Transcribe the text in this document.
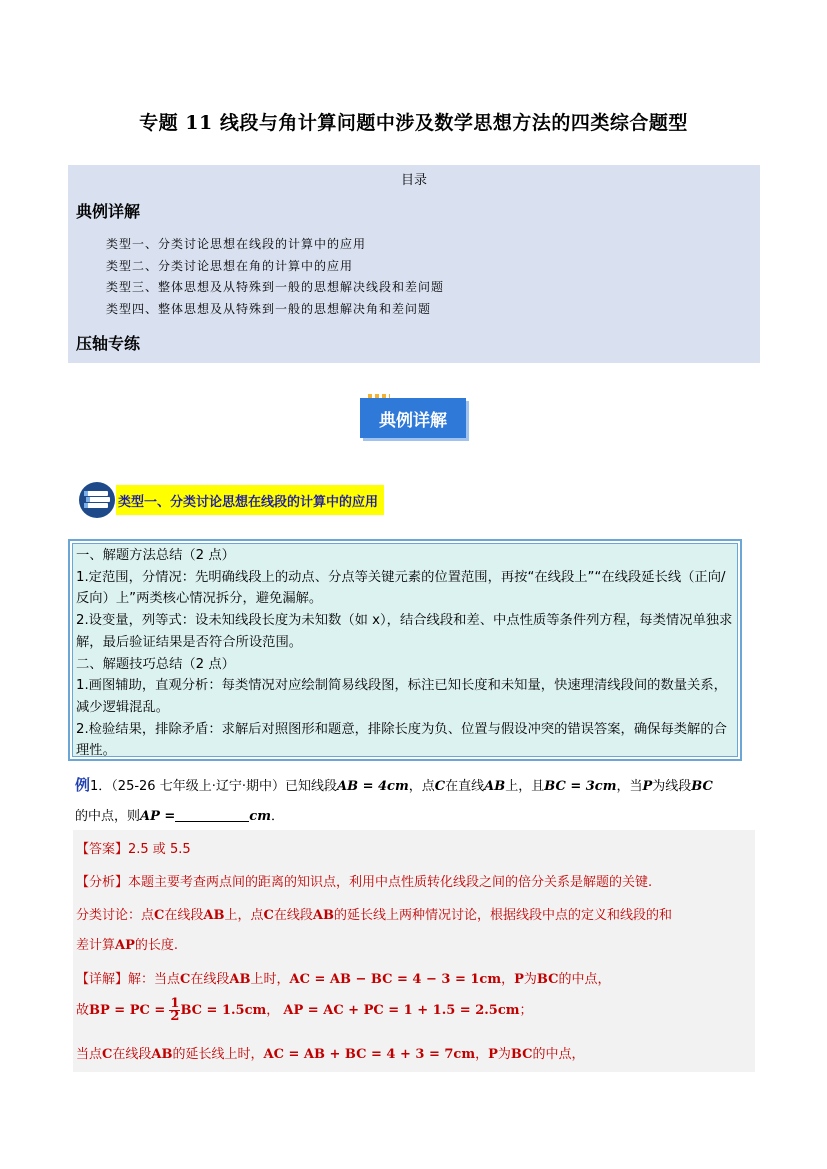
专题 11 线段与角计算问题中涉及数学思想方法的四类综合题型
目录
典例详解
类型一、分类讨论思想在线段的计算中的应用
类型二、分类讨论思想在角的计算中的应用
类型三、整体思想及从特殊到一般的思想解决线段和差问题
类型四、整体思想及从特殊到一般的思想解决角和差问题
压轴专练
典例详解
类型一、分类讨论思想在线段的计算中的应用

一、解题方法总结（2 点）

1.定范围，分情况：先明确线段上的动点、分点等关键元素的位置范围，再按“在线段上”“在线段延长线（正向/反向）上”两类核心情况拆分，避免漏解。

2.设变量，列等式：设未知线段长度为未知数（如 x），结合线段和差、中点性质等条件列方程，每类情况单独求解，最后验证结果是否符合所设范围。

二、解题技巧总结（2 点）

1.画图辅助，直观分析：每类情况对应绘制简易线段图，标注已知长度和未知量，快速理清线段间的数量关系，减少逻辑混乱。

2.检验结果，排除矛盾：求解后对照图形和题意，排除长度为负、位置与假设冲突的错误答案，确保每类解的合理性。

例1．（25-26 七年级上·辽宁·期中）已知线段AB = 4cm，点C在直线AB上，且BC = 3cm，当P为线段BC
的中点，则AP =	cm．
【答案】2.5 或 5.5
【分析】本题主要考查两点间的距离的知识点，利用中点性质转化线段之间的倍分关系是解题的关键.
分类讨论：点C在线段AB上，点C在线段AB的延长线上两种情况讨论，根据线段中点的定义和线段的和
差计算AP的长度.
【详解】解：当点C在线段AB上时，AC = AB − BC = 4 − 3 = 1cm，P为BC的中点，
故BP = PC = $\frac{1}{2}$ BC = 1.5cm， AP = AC + PC = 1 + 1.5 = 2.5cm；
当点C在线段AB的延长线上时，AC = AB + BC = 4 + 3 = 7cm，P为BC的中点，
